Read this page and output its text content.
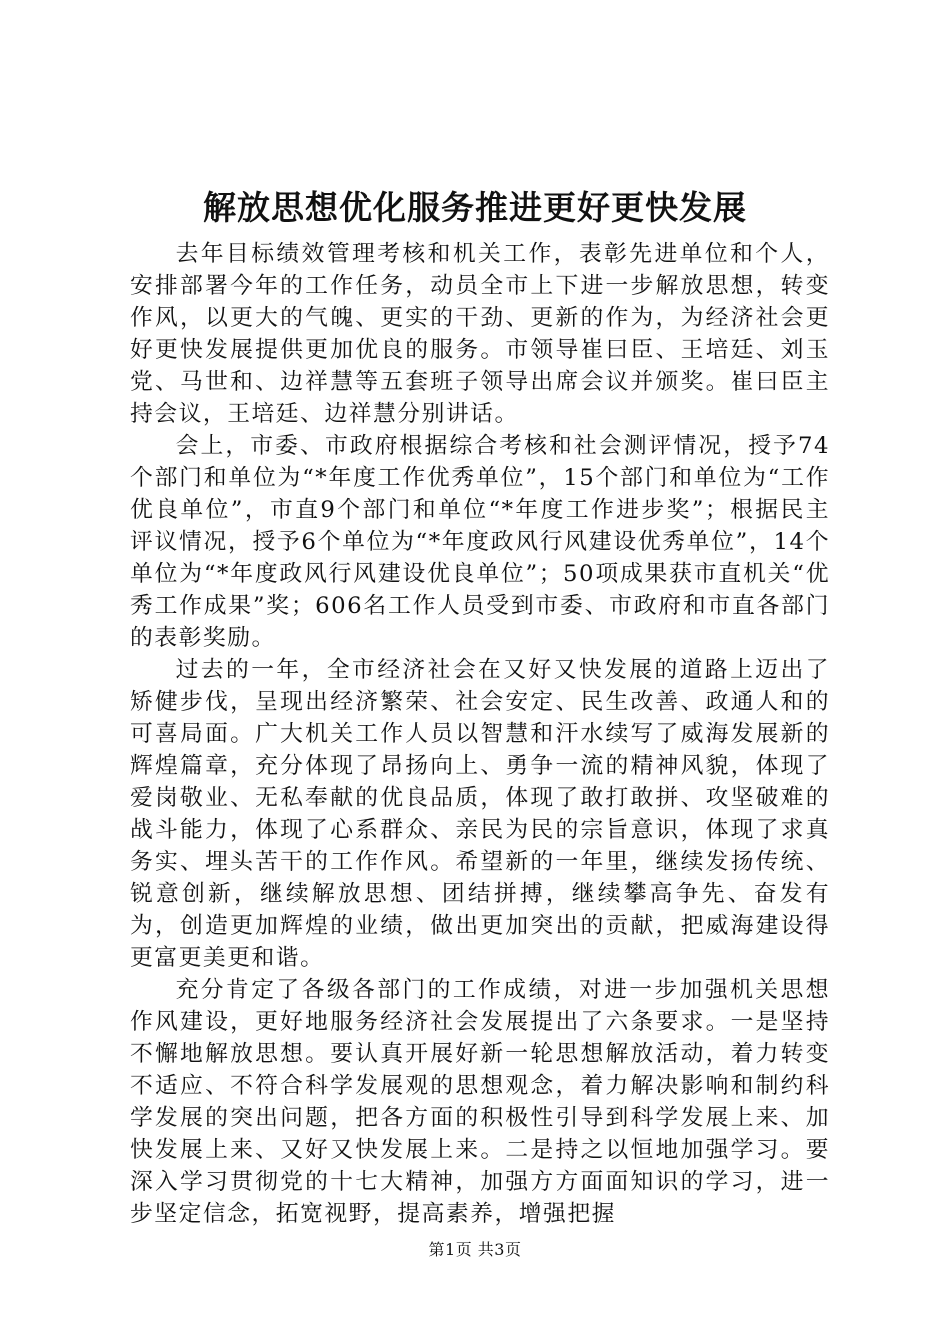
解放思想优化服务推进更好更快发展

去年目标绩效管理考核和机关工作，表彰先进单位和个人，安排部署今年的工作任务，动员全市上下进一步解放思想，转变作风，以更大的气魄、更实的干劲、更新的作为，为经济社会更好更快发展提供更加优良的服务。市领导崔曰臣、王培廷、刘玉党、马世和、边祥慧等五套班子领导出席会议并颁奖。崔曰臣主持会议，王培廷、边祥慧分别讲话。

会上，市委、市政府根据综合考核和社会测评情况，授予74个部门和单位为“*年度工作优秀单位”，15个部门和单位为“工作优良单位”，市直9个部门和单位“*年度工作进步奖”；根据民主评议情况，授予6个单位为“*年度政风行风建设优秀单位”，14个单位为“*年度政风行风建设优良单位”；50项成果获市直机关“优秀工作成果”奖；606名工作人员受到市委、市政府和市直各部门的表彰奖励。

过去的一年，全市经济社会在又好又快发展的道路上迈出了矫健步伐，呈现出经济繁荣、社会安定、民生改善、政通人和的可喜局面。广大机关工作人员以智慧和汗水续写了威海发展新的辉煌篇章，充分体现了昂扬向上、勇争一流的精神风貌，体现了爱岗敬业、无私奉献的优良品质，体现了敢打敢拼、攻坚破难的战斗能力，体现了心系群众、亲民为民的宗旨意识，体现了求真务实、埋头苦干的工作作风。希望新的一年里，继续发扬传统、锐意创新，继续解放思想、团结拼搏，继续攀高争先、奋发有为，创造更加辉煌的业绩，做出更加突出的贡献，把威海建设得更富更美更和谐。

充分肯定了各级各部门的工作成绩，对进一步加强机关思想作风建设，更好地服务经济社会发展提出了六条要求。一是坚持不懈地解放思想。要认真开展好新一轮思想解放活动，着力转变不适应、不符合科学发展观的思想观念，着力解决影响和制约科学发展的突出问题，把各方面的积极性引导到科学发展上来、加快发展上来、又好又快发展上来。二是持之以恒地加强学习。要深入学习贯彻党的十七大精神，加强方方面面知识的学习，进一步坚定信念，拓宽视野，提高素养，增强把握

第1页 共3页
